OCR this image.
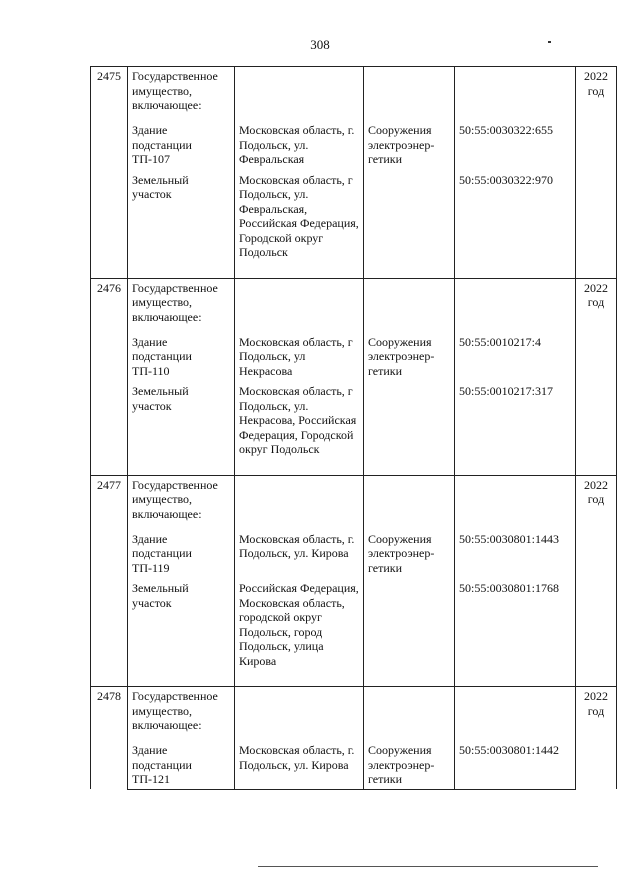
308
2475	Государственное имущество, включающее:				2022 год
	Здание подстанции ТП-107	Московская область, г. Подольск, ул. Февральская	Сооружения электроэнер-гетики	50:55:0030322:655	
	Земельный участок	Московская область, г Подольск, ул. Февральская, Российская Федерация, Городской округ Подольск		50:55:0030322:970	
2476	Государственное имущество, включающее:				2022 год
	Здание подстанции ТП-110	Московская область, г Подольск, ул Некрасова	Сооружения электроэнер-гетики	50:55:0010217:4	
	Земельный участок	Московская область, г Подольск, ул. Некрасова, Российская Федерация, Городской округ Подольск		50:55:0010217:317	
2477	Государственное имущество, включающее:				2022 год
	Здание подстанции ТП-119	Московская область, г. Подольск, ул. Кирова	Сооружения электроэнер-гетики	50:55:0030801:1443	
	Земельный участок	Российская Федерация, Московская область, городской округ Подольск, город Подольск, улица Кирова		50:55:0030801:1768	
2478	Государственное имущество, включающее:				2022 год
	Здание подстанции ТП-121	Московская область, г. Подольск, ул. Кирова	Сооружения электроэнер-гетики	50:55:0030801:1442	
